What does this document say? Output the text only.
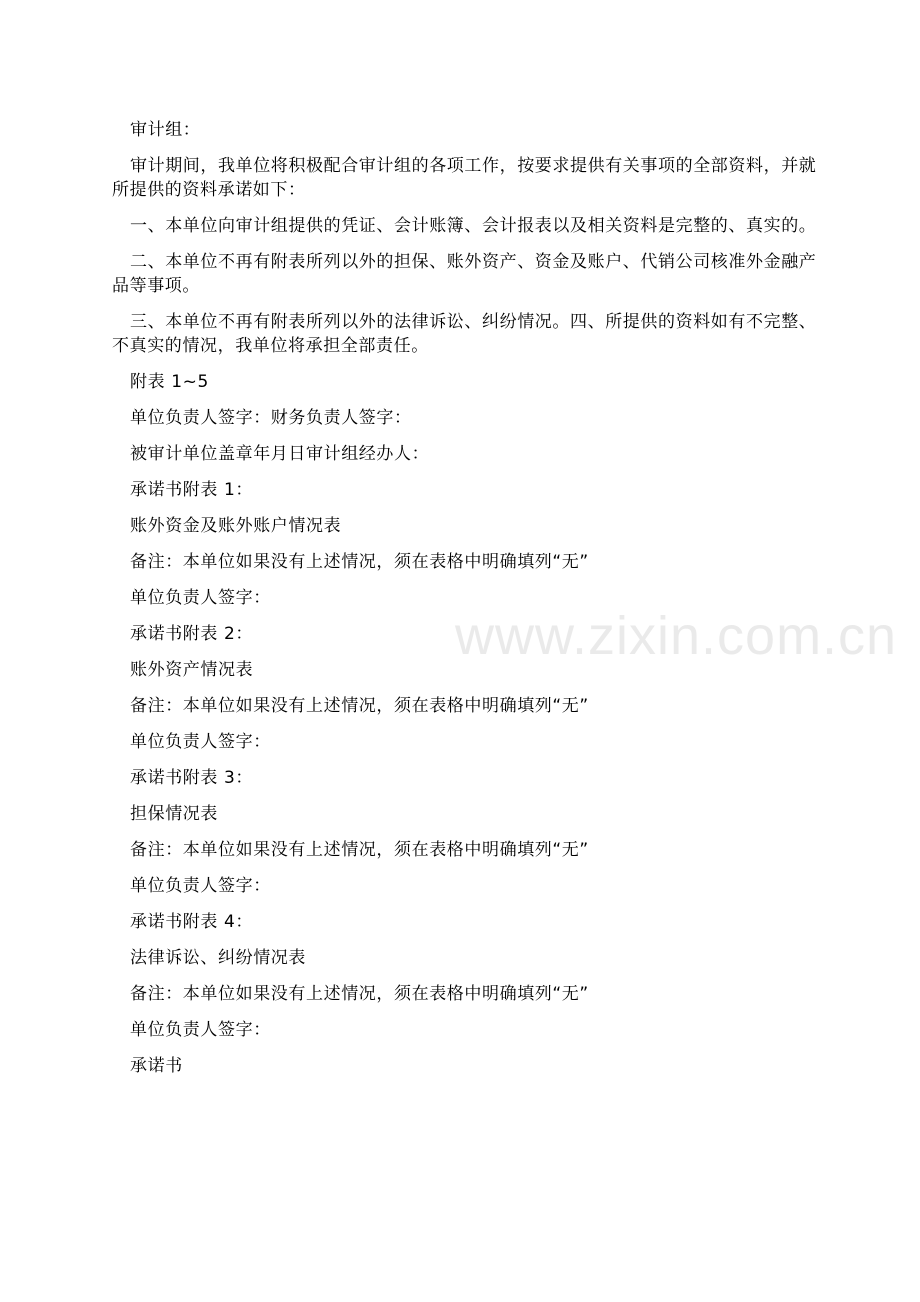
审计组：

审计期间，我单位将积极配合审计组的各项工作，按要求提供有关事项的全部资料，并就所提供的资料承诺如下：

一、本单位向审计组提供的凭证、会计账簿、会计报表以及相关资料是完整的、真实的。

二、本单位不再有附表所列以外的担保、账外资产、资金及账户、代销公司核准外金融产品等事项。

三、本单位不再有附表所列以外的法律诉讼、纠纷情况。四、所提供的资料如有不完整、不真实的情况，我单位将承担全部责任。

附表 1~5

单位负责人签字：财务负责人签字：

被审计单位盖章年月日审计组经办人：

承诺书附表 1：

账外资金及账外账户情况表

备注：本单位如果没有上述情况，须在表格中明确填列“无”

单位负责人签字：

承诺书附表 2：

账外资产情况表

备注：本单位如果没有上述情况，须在表格中明确填列“无”

单位负责人签字：

承诺书附表 3：

担保情况表

备注：本单位如果没有上述情况，须在表格中明确填列“无”

单位负责人签字：

承诺书附表 4：

法律诉讼、纠纷情况表

备注：本单位如果没有上述情况，须在表格中明确填列“无”

单位负责人签字：

承诺书

www.zixin.com.cn
